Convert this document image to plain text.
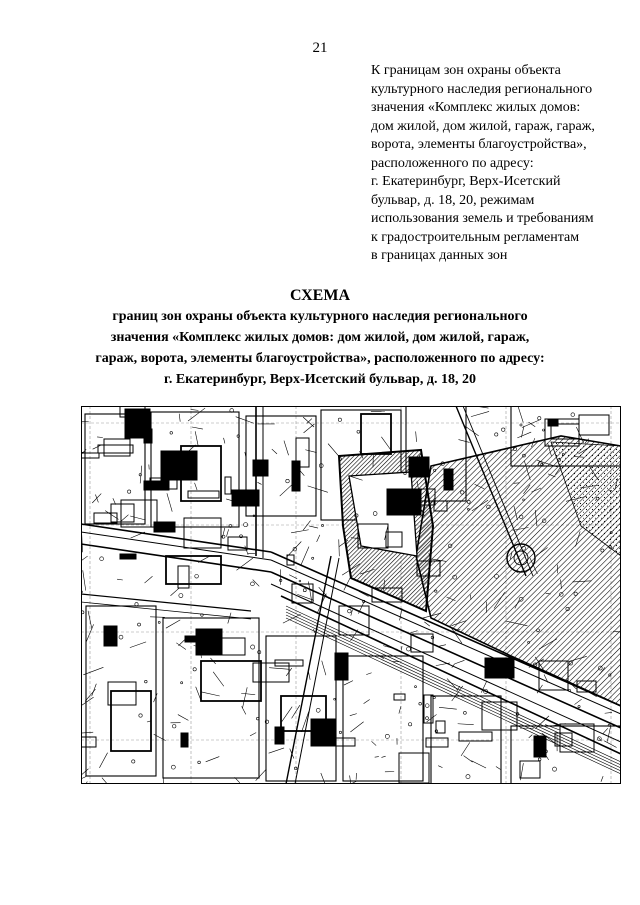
21
К границам зон охраны объекта
культурного наследия регионального
значения «Комплекс жилых домов:
дом жилой, дом жилой, гараж, гараж,
ворота, элементы благоустройства»,
расположенного по адресу:
г. Екатеринбург, Верх-Исетский
бульвар, д. 18, 20, режимам
использования земель и требованиям
к градостроительным регламентам
в границах данных зон
СХЕМА
границ зон охраны объекта культурного наследия регионального
значения «Комплекс жилых домов: дом жилой, дом жилой, гараж,
гараж, ворота, элементы благоустройства», расположенного по адресу:
г. Екатеринбург, Верх-Исетский бульвар, д. 18, 20
